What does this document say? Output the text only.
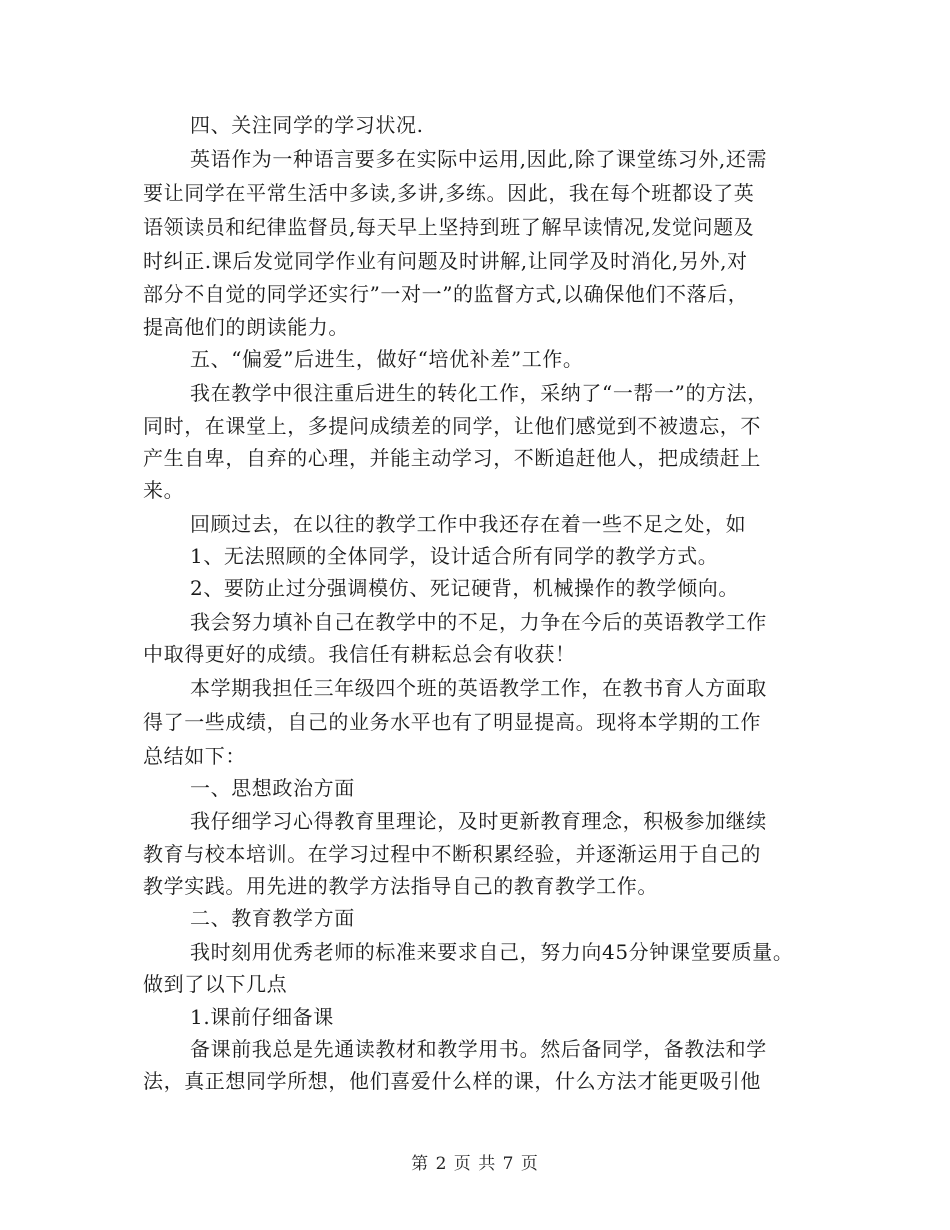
四、关注同学的学习状况.
英语作为一种语言要多在实际中运用,因此,除了课堂练习外,还需
要让同学在平常生活中多读,多讲,多练。因此，我在每个班都设了英
语领读员和纪律监督员,每天早上坚持到班了解早读情况,发觉问题及
时纠正.课后发觉同学作业有问题及时讲解,让同学及时消化,另外,对
部分不自觉的同学还实行”一对一”的监督方式,以确保他们不落后，
提高他们的朗读能力。
五、“偏爱”后进生，做好“培优补差”工作。
我在教学中很注重后进生的转化工作，采纳了“一帮一”的方法，
同时，在课堂上，多提问成绩差的同学，让他们感觉到不被遗忘，不
产生自卑，自弃的心理，并能主动学习，不断追赶他人，把成绩赶上
来。
回顾过去，在以往的教学工作中我还存在着一些不足之处，如
1、无法照顾的全体同学，设计适合所有同学的教学方式。
2、要防止过分强调模仿、死记硬背，机械操作的教学倾向。
我会努力填补自己在教学中的不足，力争在今后的英语教学工作
中取得更好的成绩。我信任有耕耘总会有收获！
本学期我担任三年级四个班的英语教学工作，在教书育人方面取
得了一些成绩，自己的业务水平也有了明显提高。现将本学期的工作
总结如下：
一、思想政治方面
我仔细学习心得教育里理论，及时更新教育理念，积极参加继续
教育与校本培训。在学习过程中不断积累经验，并逐渐运用于自己的
教学实践。用先进的教学方法指导自己的教育教学工作。
二、教育教学方面
我时刻用优秀老师的标准来要求自己，努力向45分钟课堂要质量。
做到了以下几点
1.课前仔细备课
备课前我总是先通读教材和教学用书。然后备同学，备教法和学
法，真正想同学所想，他们喜爱什么样的课，什么方法才能更吸引他
第 2 页 共 7 页
